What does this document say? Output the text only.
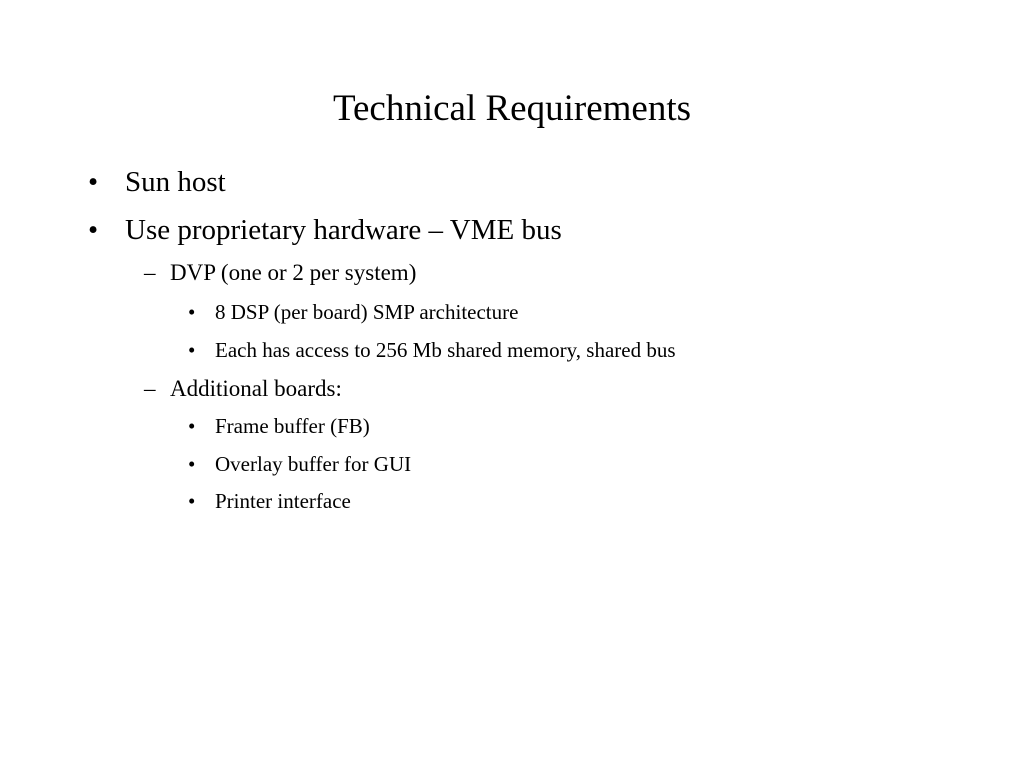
Technical Requirements
• Sun host
• Use proprietary hardware – VME bus
– DVP (one or 2 per system)
• 8 DSP (per board) SMP architecture
• Each has access to 256 Mb shared memory, shared bus
– Additional boards:
• Frame buffer (FB)
• Overlay buffer for GUI
• Printer interface
